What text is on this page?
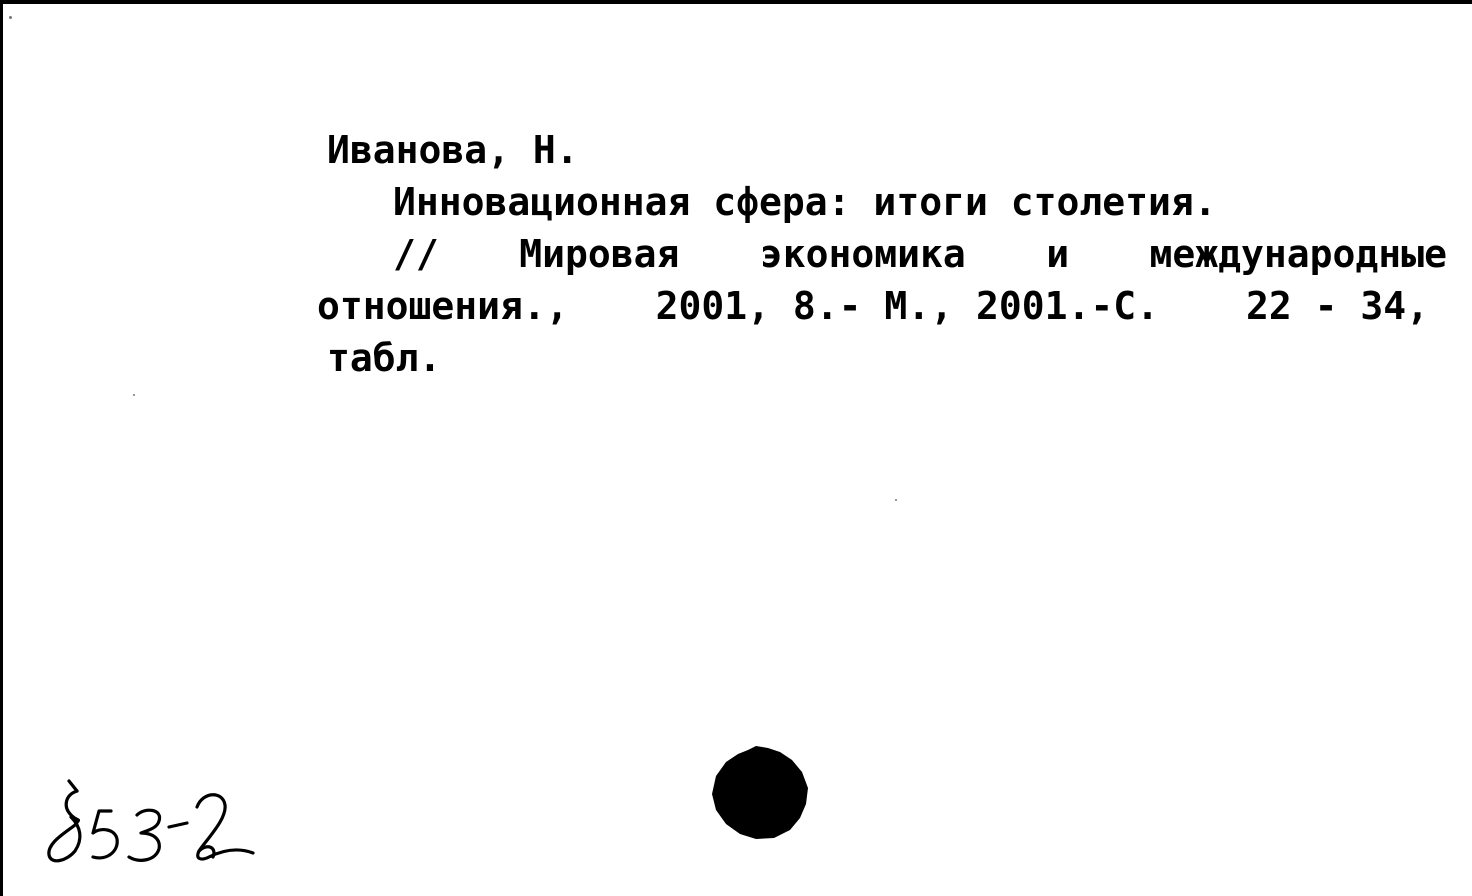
Иванова, Н.
Инновационная сфера: итоги столетия.
// Мировая экономика и международные
отношения., 2001, 8.- М., 2001.-С. 22 - 34,
табл.
